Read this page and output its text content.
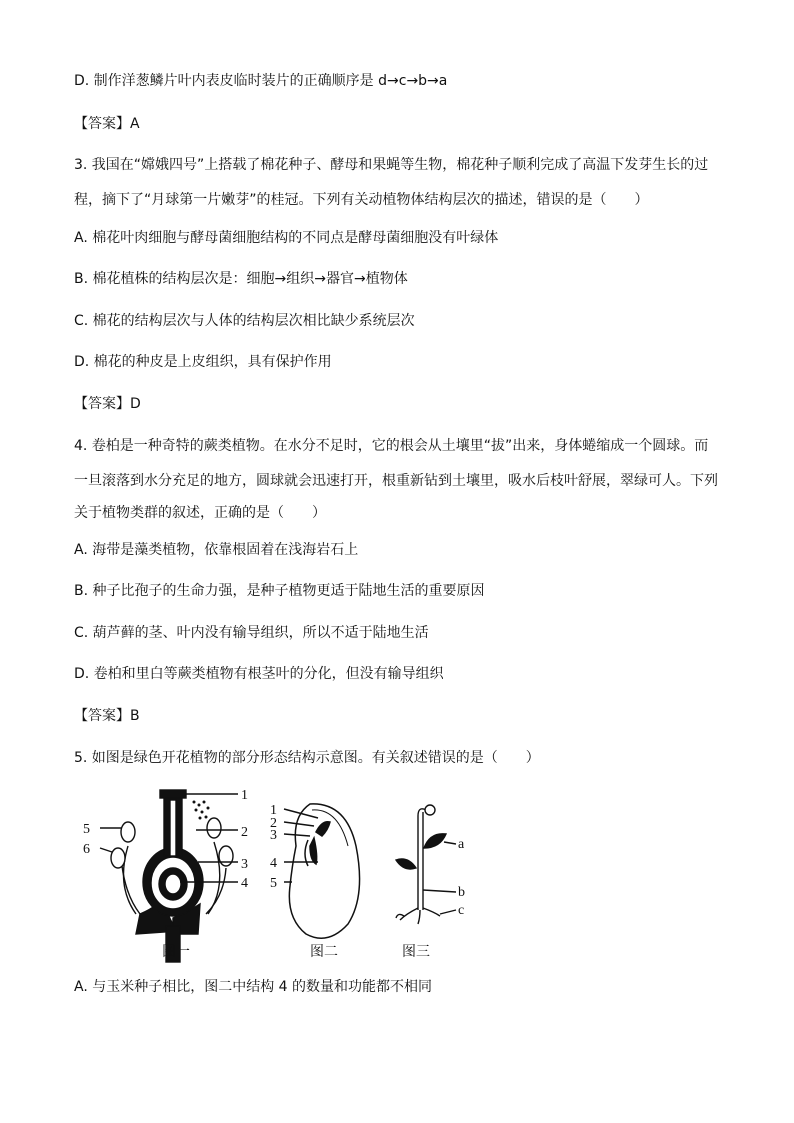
D. 制作洋葱鳞片叶内表皮临时装片的正确顺序是 d→c→b→a
【答案】A
3. 我国在“嫦娥四号”上搭载了棉花种子、酵母和果蝇等生物，棉花种子顺利完成了高温下发芽生长的过
程，摘下了“月球第一片嫩芽”的桂冠。下列有关动植物体结构层次的描述，错误的是（　　）
A. 棉花叶肉细胞与酵母菌细胞结构的不同点是酵母菌细胞没有叶绿体
B. 棉花植株的结构层次是：细胞→组织→器官→植物体
C. 棉花的结构层次与人体的结构层次相比缺少系统层次
D. 棉花的种皮是上皮组织，具有保护作用
【答案】D
4. 卷柏是一种奇特的蕨类植物。在水分不足时，它的根会从土壤里“拔”出来，身体蜷缩成一个圆球。而
一旦滚落到水分充足的地方，圆球就会迅速打开，根重新钻到土壤里，吸水后枝叶舒展，翠绿可人。下列
关于植物类群的叙述，正确的是（　　）
A. 海带是藻类植物，依靠根固着在浅海岩石上
B. 种子比孢子的生命力强，是种子植物更适于陆地生活的重要原因
C. 葫芦藓的茎、叶内没有输导组织，所以不适于陆地生活
D. 卷柏和里白等蕨类植物有根茎叶的分化，但没有输导组织
【答案】B
5. 如图是绿色开花植物的部分形态结构示意图。有关叙述错误的是（　　）
1
2
3
4
5
6
1
2
3
4
5
a
b
c
图一	图二	图三
A. 与玉米种子相比，图二中结构 4 的数量和功能都不相同
